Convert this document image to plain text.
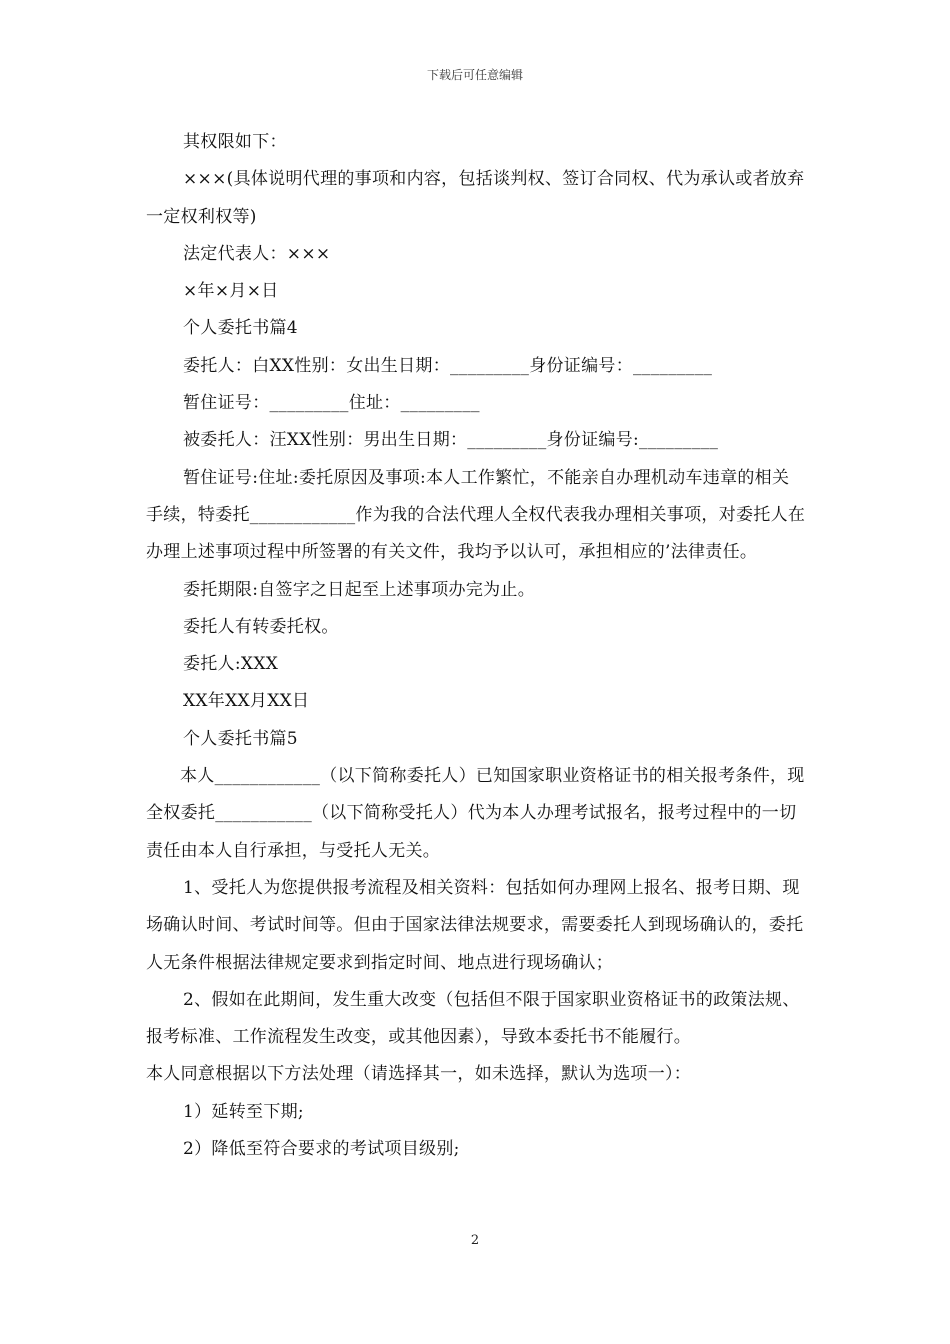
下载后可任意编辑

其权限如下：

×××(具体说明代理的事项和内容，包括谈判权、签订合同权、代为承认或者放弃一定权利权等)

法定代表人：×××

×年×月×日

个人委托书篇4

委托人：白XX性别：女出生日期：_________身份证编号：_________

暂住证号：_________住址：_________

被委托人：汪XX性别：男出生日期：_________身份证编号:_________

暂住证号:住址:委托原因及事项:本人工作繁忙，不能亲自办理机动车违章的相关手续，特委托____________作为我的合法代理人全权代表我办理相关事项，对委托人在办理上述事项过程中所签署的有关文件，我均予以认可，承担相应的’法律责任。

委托期限:自签字之日起至上述事项办完为止。

委托人有转委托权。

委托人:XXX

XX年XX月XX日

个人委托书篇5

本人____________（以下简称委托人）已知国家职业资格证书的相关报考条件，现全权委托___________（以下简称受托人）代为本人办理考试报名，报考过程中的一切责任由本人自行承担，与受托人无关。

1、受托人为您提供报考流程及相关资料：包括如何办理网上报名、报考日期、现场确认时间、考试时间等。但由于国家法律法规要求，需要委托人到现场确认的，委托人无条件根据法律规定要求到指定时间、地点进行现场确认；

2、假如在此期间，发生重大改变（包括但不限于国家职业资格证书的政策法规、报考标准、工作流程发生改变，或其他因素），导致本委托书不能履行。

本人同意根据以下方法处理（请选择其一，如未选择，默认为选项一）：

1）延转至下期;

2）降低至符合要求的考试项目级别;

2
